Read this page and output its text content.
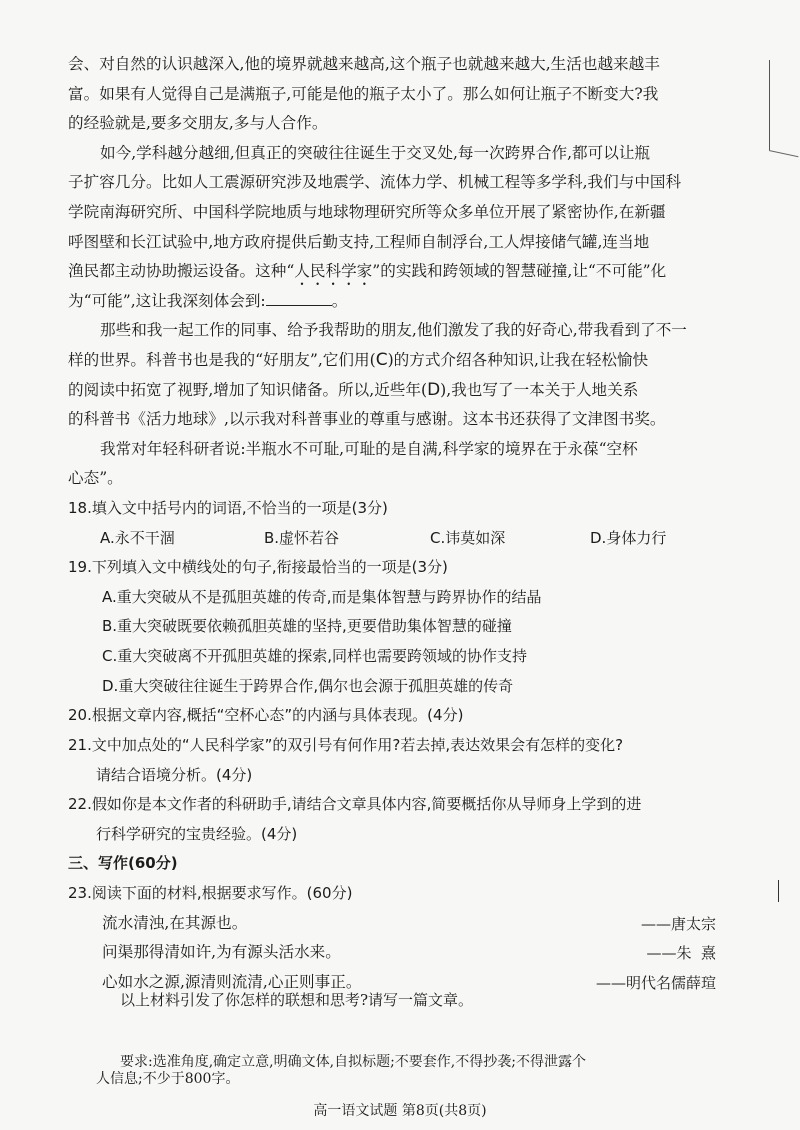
会、对自然的认识越深入,他的境界就越来越高,这个瓶子也就越来越大,生活也越来越丰
富。如果有人觉得自己是满瓶子,可能是他的瓶子太小了。那么如何让瓶子不断变大?我
的经验就是,要多交朋友,多与人合作。
如今,学科越分越细,但真正的突破往往诞生于交叉处,每一次跨界合作,都可以让瓶
子扩容几分。比如人工震源研究涉及地震学、流体力学、机械工程等多学科,我们与中国科
学院南海研究所、中国科学院地质与地球物理研究所等众多单位开展了紧密协作,在新疆
呼图壁和长江试验中,地方政府提供后勤支持,工程师自制浮台,工人焊接储气罐,连当地
渔民都主动协助搬运设备。这种“人民科学家”的实践和跨领域的智慧碰撞,让“不可能”化
为“可能”,这让我深刻体会到:	。
那些和我一起工作的同事、给予我帮助的朋友,他们激发了我的好奇心,带我看到了不一
样的世界。科普书也是我的“好朋友”,它们用(C)的方式介绍各种知识,让我在轻松愉快
的阅读中拓宽了视野,增加了知识储备。所以,近些年(D),我也写了一本关于人地关系
的科普书《活力地球》,以示我对科普事业的尊重与感谢。这本书还获得了文津图书奖。
我常对年轻科研者说:半瓶水不可耻,可耻的是自满,科学家的境界在于永葆“空杯
心态”。
18.填入文中括号内的词语,不恰当的一项是(3分)
A.永不干涸	B.虚怀若谷	C.讳莫如深	D.身体力行
19.下列填入文中横线处的句子,衔接最恰当的一项是(3分)
A.重大突破从不是孤胆英雄的传奇,而是集体智慧与跨界协作的结晶
B.重大突破既要依赖孤胆英雄的坚持,更要借助集体智慧的碰撞
C.重大突破离不开孤胆英雄的探索,同样也需要跨领域的协作支持
D.重大突破往往诞生于跨界合作,偶尔也会源于孤胆英雄的传奇
20.根据文章内容,概括“空杯心态”的内涵与具体表现。(4分)
21.文中加点处的“人民科学家”的双引号有何作用?若去掉,表达效果会有怎样的变化?
请结合语境分析。(4分)
22.假如你是本文作者的科研助手,请结合文章具体内容,简要概括你从导师身上学到的进
行科学研究的宝贵经验。(4分)
三、写作(60分)
23.阅读下面的材料,根据要求写作。(60分)
流水清浊,在其源也。	——唐太宗
问渠那得清如许,为有源头活水来。	——朱  熹
心如水之源,源清则流清,心正则事正。	——明代名儒薛瑄
以上材料引发了你怎样的联想和思考?请写一篇文章。
要求:选准角度,确定立意,明确文体,自拟标题;不要套作,不得抄袭;不得泄露个
人信息;不少于800字。
高一语文试题 第8页(共8页)
